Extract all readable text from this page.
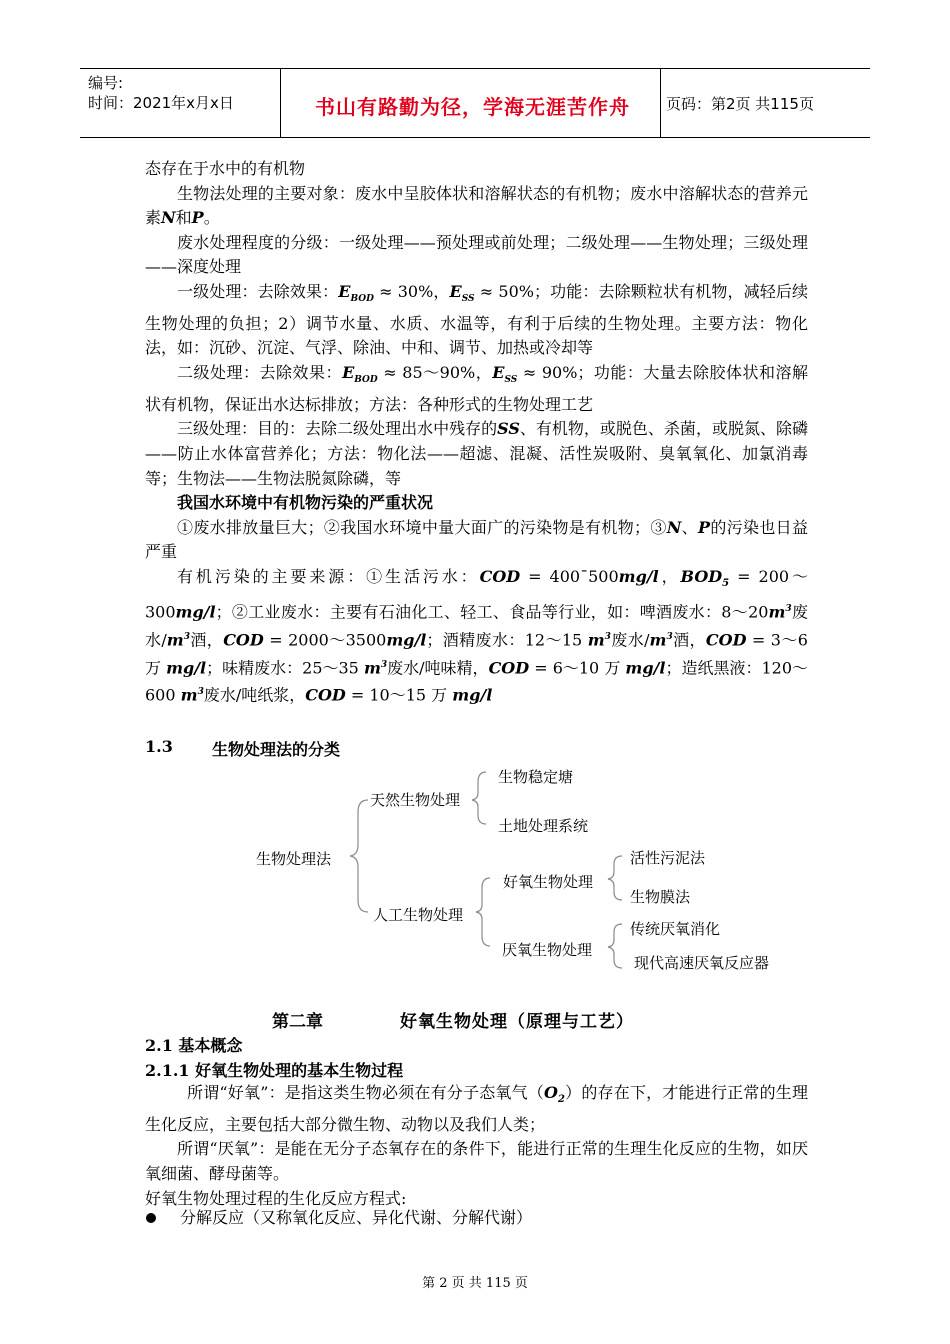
编号:
时间：2021年x月x日	书山有路勤为径，学海无涯苦作舟	页码：第2页 共115页

态存在于水中的有机物

生物法处理的主要对象：废水中呈胶体状和溶解状态的有机物；废水中溶解状态的营养元素N和P。

废水处理程度的分级：一级处理——预处理或前处理；二级处理——生物处理；三级处理——深度处理

一级处理：去除效果：$E_{BOD} \approx 30\%$，$E_{SS} \approx 50\%$；功能：去除颗粒状有机物，减轻后续生物处理的负担；2）调节水量、水质、水温等，有利于后续的生物处理。主要方法：物化法，如：沉砂、沉淀、气浮、除油、中和、调节、加热或冷却等

二级处理：去除效果：$E_{BOD}$ ≈ 85～90%，$E_{SS} \approx 90\%$；功能：大量去除胶体状和溶解状有机物，保证出水达标排放；方法：各种形式的生物处理工艺

三级处理：目的：去除二级处理出水中残存的SS、有机物，或脱色、杀菌，或脱氮、除磷——防止水体富营养化；方法：物化法——超滤、混凝、活性炭吸附、臭氧氧化、加氯消毒等；生物法——生物法脱氮除磷，等

我国水环境中有机物污染的严重状况

①废水排放量巨大；②我国水环境中量大面广的污染物是有机物；③N、P的污染也日益严重

有机污染的主要来源：①生活污水：COD = 400¯500mg/l，$BOD_5$ = 200～300mg/l；②工业废水：主要有石油化工、轻工、食品等行业，如：啤酒废水：$8\sim 20m^3$废水$/m^3$酒，COD = 2000～3500mg/l；酒精废水：12～15 $m^3$废水$/m^3$酒，COD = 3～6 万 mg/l；味精废水：25～35 $m^3$废水/吨味精，COD = 6～10 万 mg/l；造纸黑液：120～600 $m^3$废水/吨纸浆，COD = 10～15 万 mg/l

1.3 生物处理法的分类
生物处理法
天然生物处理
生物稳定塘
土地处理系统
人工生物处理
好氧生物处理
活性污泥法
生物膜法
厌氧生物处理
传统厌氧消化
现代高速厌氧反应器
第二章	好氧生物处理（原理与工艺）
2.1 基本概念
2.1.1 好氧生物处理的基本生物过程

所谓“好氧”：是指这类生物必须在有分子态氧气$(O_2)$的存在下，才能进行正常的生理生化反应，主要包括大部分微生物、动物以及我们人类；

所谓“厌氧”：是能在无分子态氧存在的条件下，能进行正常的生理生化反应的生物，如厌氧细菌、酵母菌等。

好氧生物处理过程的生化反应方程式:

分解反应（又称氧化反应、异化代谢、分解代谢）
第 2 页 共 115 页
